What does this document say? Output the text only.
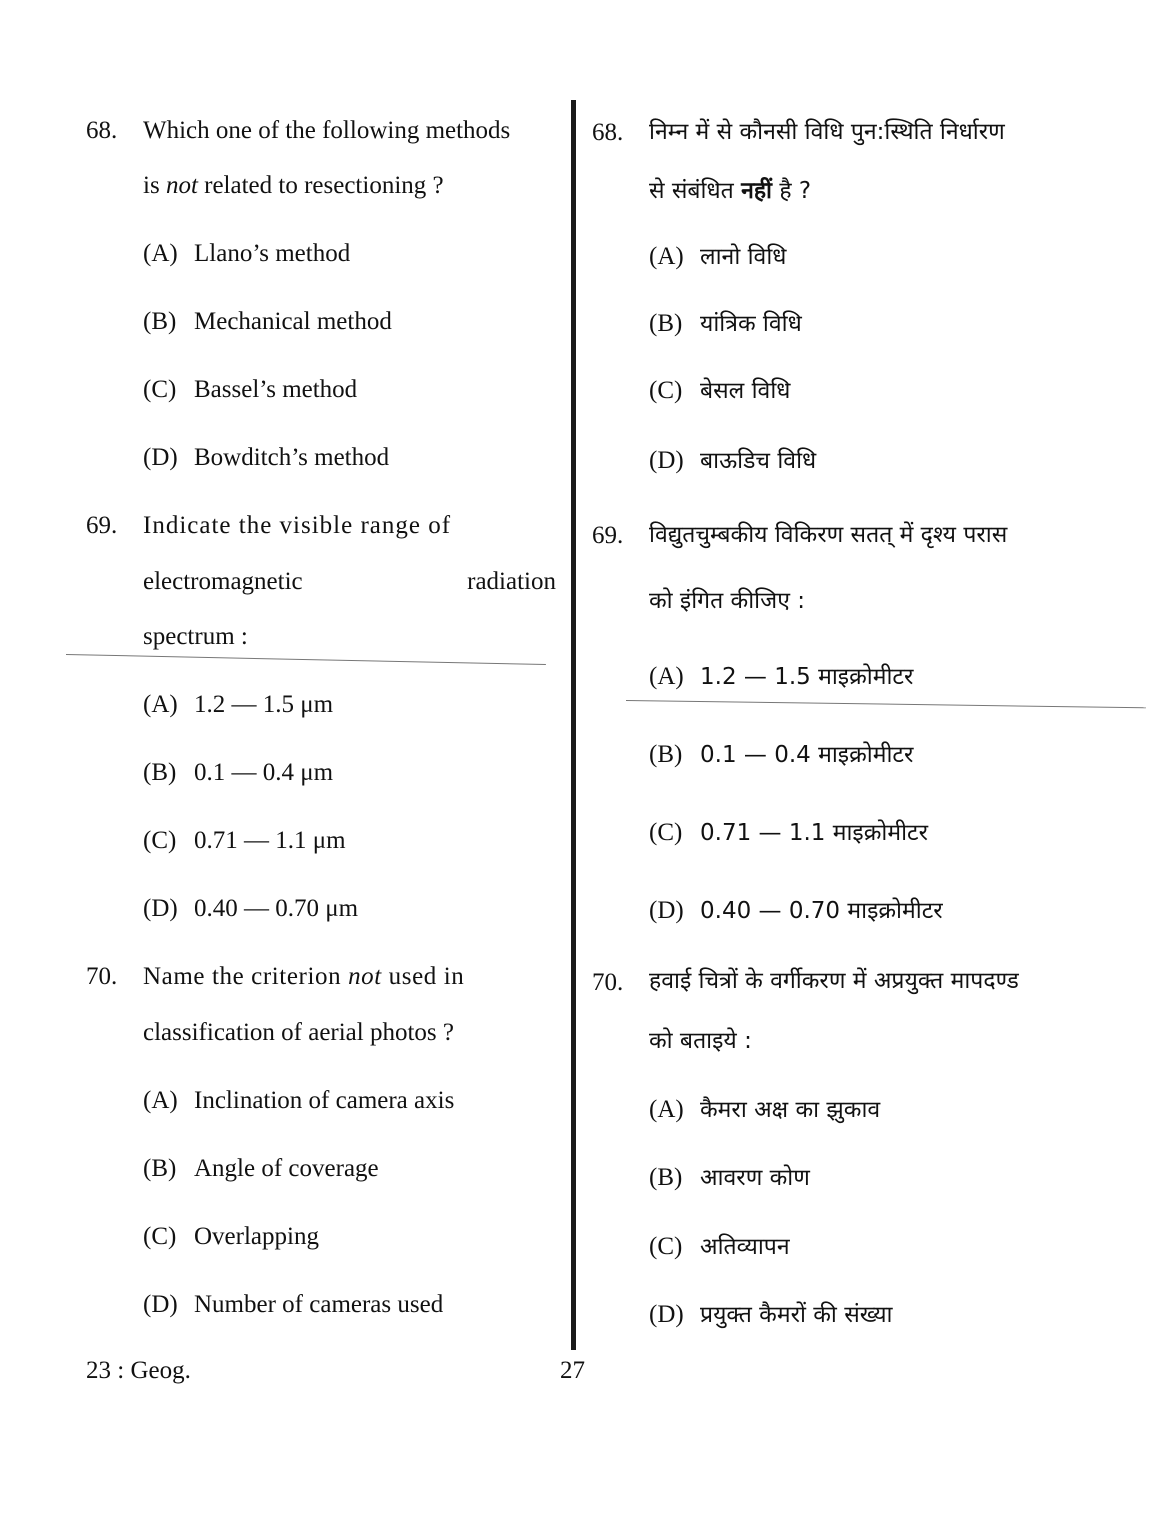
68. Which one of the following methods
is not related to resectioning ?
(A) Llano’s method
(B) Mechanical method
(C) Bassel’s method
(D) Bowditch’s method
69. Indicate the visible range of
electromagnetic	radiation
spectrum :
(A) 1.2 — 1.5 μm
(B) 0.1 — 0.4 μm
(C) 0.71 — 1.1 μm
(D) 0.40 — 0.70 μm
70. Name the criterion not used in
classification of aerial photos ?
(A) Inclination of camera axis
(B) Angle of coverage
(C) Overlapping
(D) Number of cameras used
68. निम्न में से कौनसी विधि पुन:स्थिति निर्धारण
से संबंधित नहीं है ?
(A) लानो विधि
(B) यांत्रिक विधि
(C) बेसल विधि
(D) बाऊडिच विधि
69. विद्युतचुम्बकीय विकिरण सतत् में दृश्य परास
को इंगित कीजिए :
(A) 1.2 — 1.5 माइक्रोमीटर
(B) 0.1 — 0.4 माइक्रोमीटर
(C) 0.71 — 1.1 माइक्रोमीटर
(D) 0.40 — 0.70 माइक्रोमीटर
70. हवाई चित्रों के वर्गीकरण में अप्रयुक्त मापदण्ड
को बताइये :
(A) कैमरा अक्ष का झुकाव
(B) आवरण कोण
(C) अतिव्यापन
(D) प्रयुक्त कैमरों की संख्या
23 : Geog.	27
